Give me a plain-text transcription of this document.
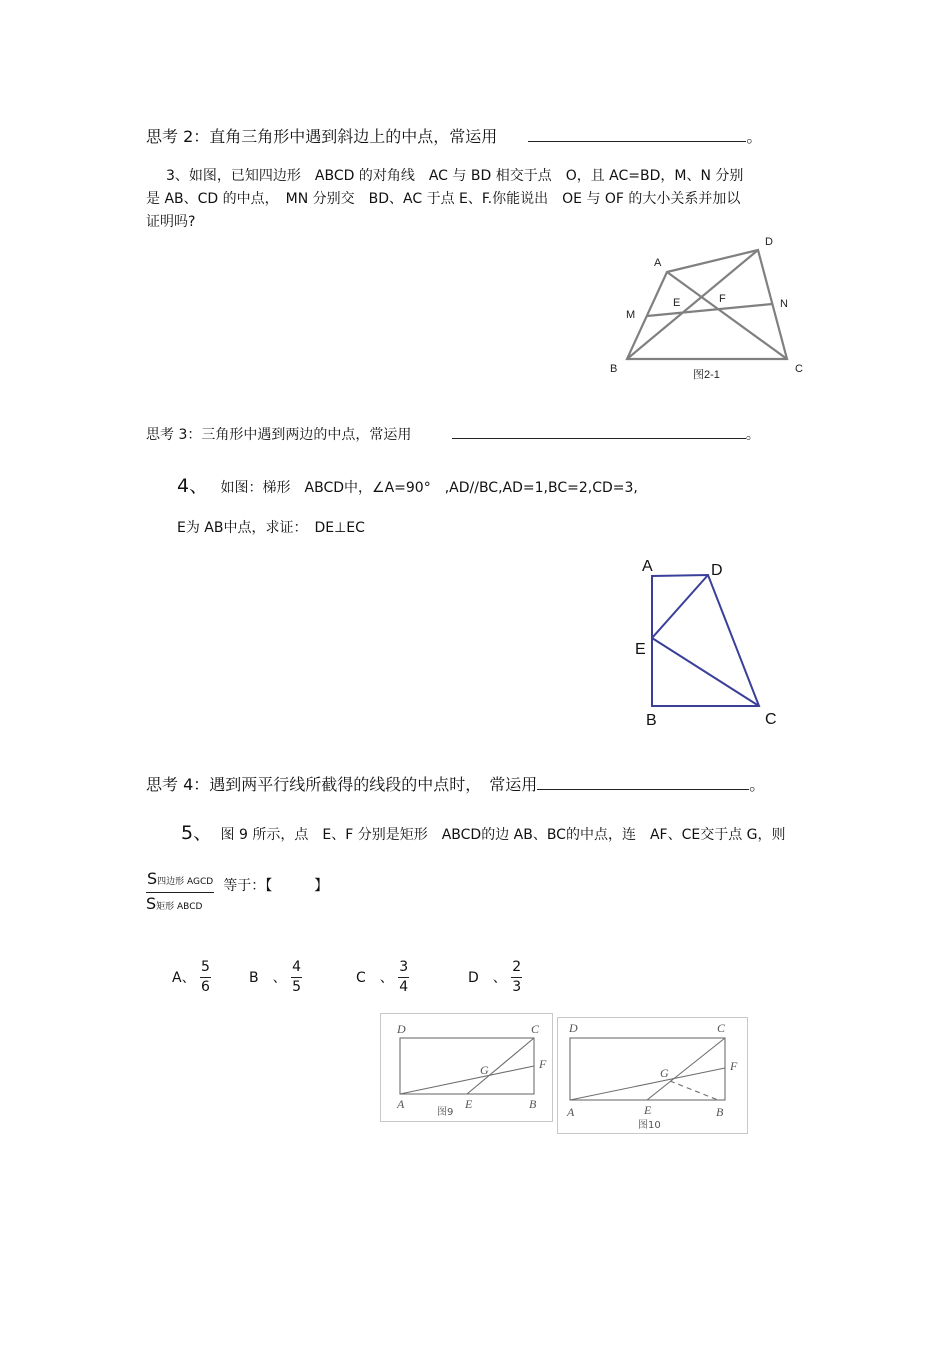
思考 2：直角三角形中遇到斜边上的中点，常运用	。
3、如图，已知四边形　ABCD 的对角线　AC 与 BD 相交于点　O，且 AC=BD，M、N 分别
是 AB、CD 的中点，　MN 分别交　BD、AC 于点 E、F.你能说出　OE 与 OF 的大小关系并加以
证明吗?
A
D
M
N
E	F
B	C
图2-1
思考 3：三角形中遇到两边的中点，常运用	。
4、 如图：梯形　ABCD中，∠A=90°　,AD//BC,AD=1,BC=2,CD=3,
E为 AB中点，求证：　DE⊥EC
A	D
E
B	C
思考 4：遇到两平行线所截得的线段的中点时，　常运用	。
5、 图 9 所示，点　E、F 分别是矩形　ABCD的边 AB、BC的中点，连　AF、CE交于点 G，则
$\frac{\text{S四边形 AGCD}}{\text{S矩形 ABCD}}$ 等于：【　　　】
A、 $\frac{5}{6}$	B　、 $\frac{4}{5}$	C　、 $\frac{3}{4}$	D　、 $\frac{2}{3}$
D	C
F
G
A	E	B
图9
D	C
F
G
A	E	B
图10
